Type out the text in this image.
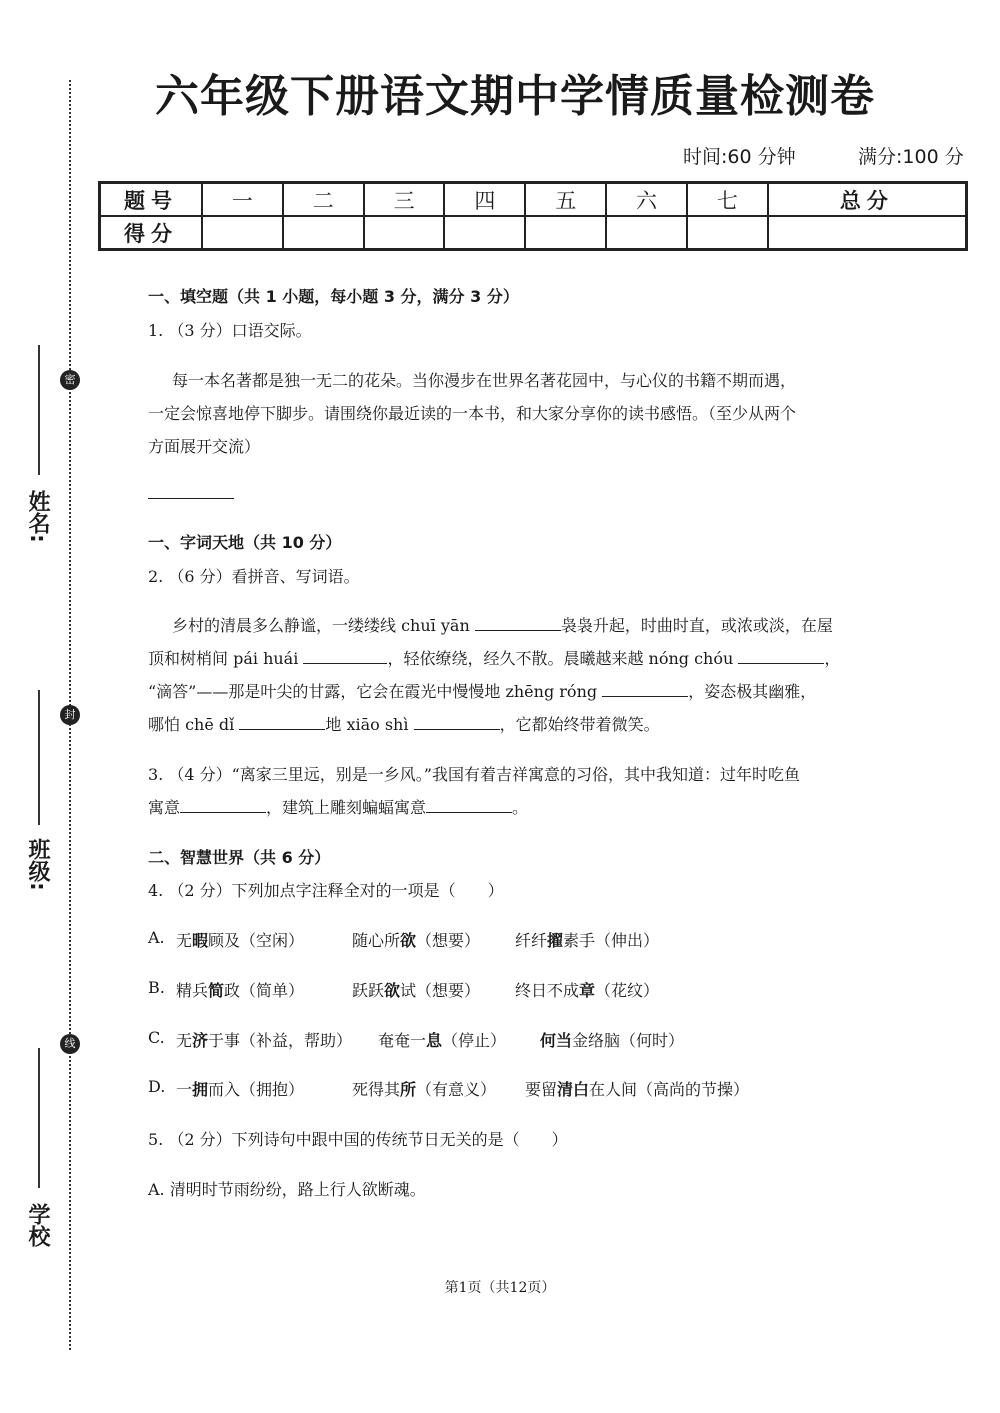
密
封
线
姓名:
班级:
学校
六年级下册语文期中学情质量检测卷
时间:60 分钟	满分:100 分
题号	一	二	三	四	五	六	七	总分
得分								
一、填空题（共 1 小题，每小题 3 分，满分 3 分）
1. （3 分）口语交际。
每一本名著都是独一无二的花朵。当你漫步在世界名著花园中，与心仪的书籍不期而遇，
一定会惊喜地停下脚步。请围绕你最近读的一本书，和大家分享你的读书感悟。（至少从两个
方面展开交流）
一、字词天地（共 10 分）
2. （6 分）看拼音、写词语。
乡村的清晨多么静谧，一缕缕线 chuī yān	袅袅升起，时曲时直，或浓或淡，在屋
顶和树梢间 pái huái	，轻依缭绕，经久不散。晨曦越来越 nóng chóu	，
“滴答”——那是叶尖的甘露，它会在霞光中慢慢地 zhēng róng	，姿态极其幽雅，
哪怕 chē dǐ	地 xiāo shì	，它都始终带着微笑。
3. （4 分）“离家三里远，别是一乡风。”我国有着吉祥寓意的习俗，其中我知道：过年时吃鱼
寓意	，建筑上雕刻蝙蝠寓意	。
二、智慧世界（共 6 分）
4. （2 分）下列加点字注释全对的一项是（　　）
A. 无暇顾及（空闲）	随心所欲（想要） 纤纤擢素手（伸出）
B. 精兵简政（简单）	跃跃欲试（想要） 终日不成章（花纹）
C. 无济于事（补益，帮助） 奄奄一息（停止） 何当金络脑（何时）
D. 一拥而入（拥抱）	死得其所（有意义） 要留清白在人间（高尚的节操）
5. （2 分）下列诗句中跟中国的传统节日无关的是（　　）
A. 清明时节雨纷纷，路上行人欲断魂。
第1页（共12页）
